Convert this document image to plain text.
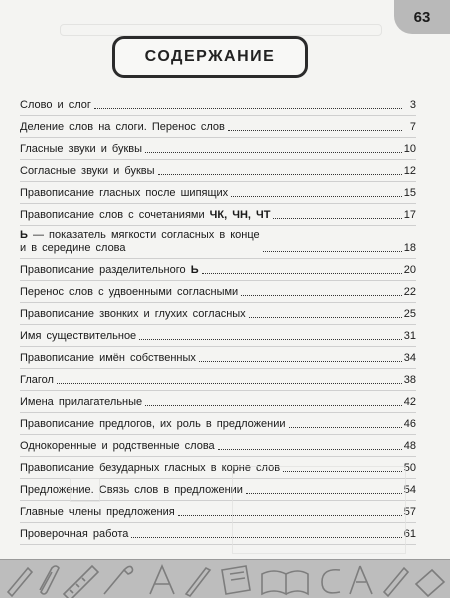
63
СОДЕРЖАНИЕ
Слово и слог	3
Деление слов на слоги. Перенос слов	7
Гласные звуки и буквы	10
Согласные звуки и буквы	12
Правописание гласных после шипящих	15
Правописание слов с сочетаниями ЧК, ЧН, ЧТ	17
Ь — показатель мягкости согласных в конце
и в середине слова	18
Правописание разделительного Ь	20
Перенос слов с удвоенными согласными	22
Правописание звонких и глухих согласных	25
Имя существительное	31
Правописание имён собственных	34
Глагол	38
Имена прилагательные	42
Правописание предлогов, их роль в предложении	46
Однокоренные и родственные слова	48
Правописание безударных гласных в корне слов	50
Предложение. Связь слов в предложении	54
Главные члены предложения	57
Проверочная работа	61
